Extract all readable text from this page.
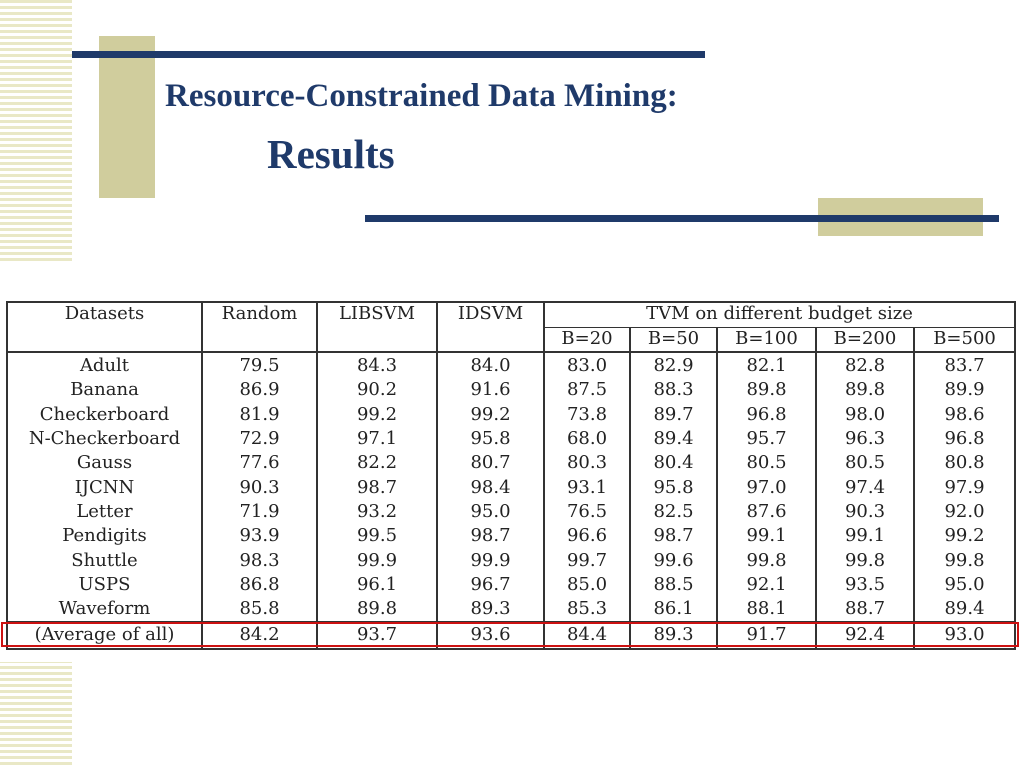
Resource-Constrained Data Mining:
Results
Datasets	Random	LIBSVM	IDSVM	TVM on different budget size				
				B=20	B=50	B=100	B=200	B=500
Adult	79.5	84.3	84.0	83.0	82.9	82.1	82.8	83.7
Banana	86.9	90.2	91.6	87.5	88.3	89.8	89.8	89.9
Checkerboard	81.9	99.2	99.2	73.8	89.7	96.8	98.0	98.6
N-Checkerboard	72.9	97.1	95.8	68.0	89.4	95.7	96.3	96.8
Gauss	77.6	82.2	80.7	80.3	80.4	80.5	80.5	80.8
IJCNN	90.3	98.7	98.4	93.1	95.8	97.0	97.4	97.9
Letter	71.9	93.2	95.0	76.5	82.5	87.6	90.3	92.0
Pendigits	93.9	99.5	98.7	96.6	98.7	99.1	99.1	99.2
Shuttle	98.3	99.9	99.9	99.7	99.6	99.8	99.8	99.8
USPS	86.8	96.1	96.7	85.0	88.5	92.1	93.5	95.0
Waveform	85.8	89.8	89.3	85.3	86.1	88.1	88.7	89.4
(Average of all)	84.2	93.7	93.6	84.4	89.3	91.7	92.4	93.0
